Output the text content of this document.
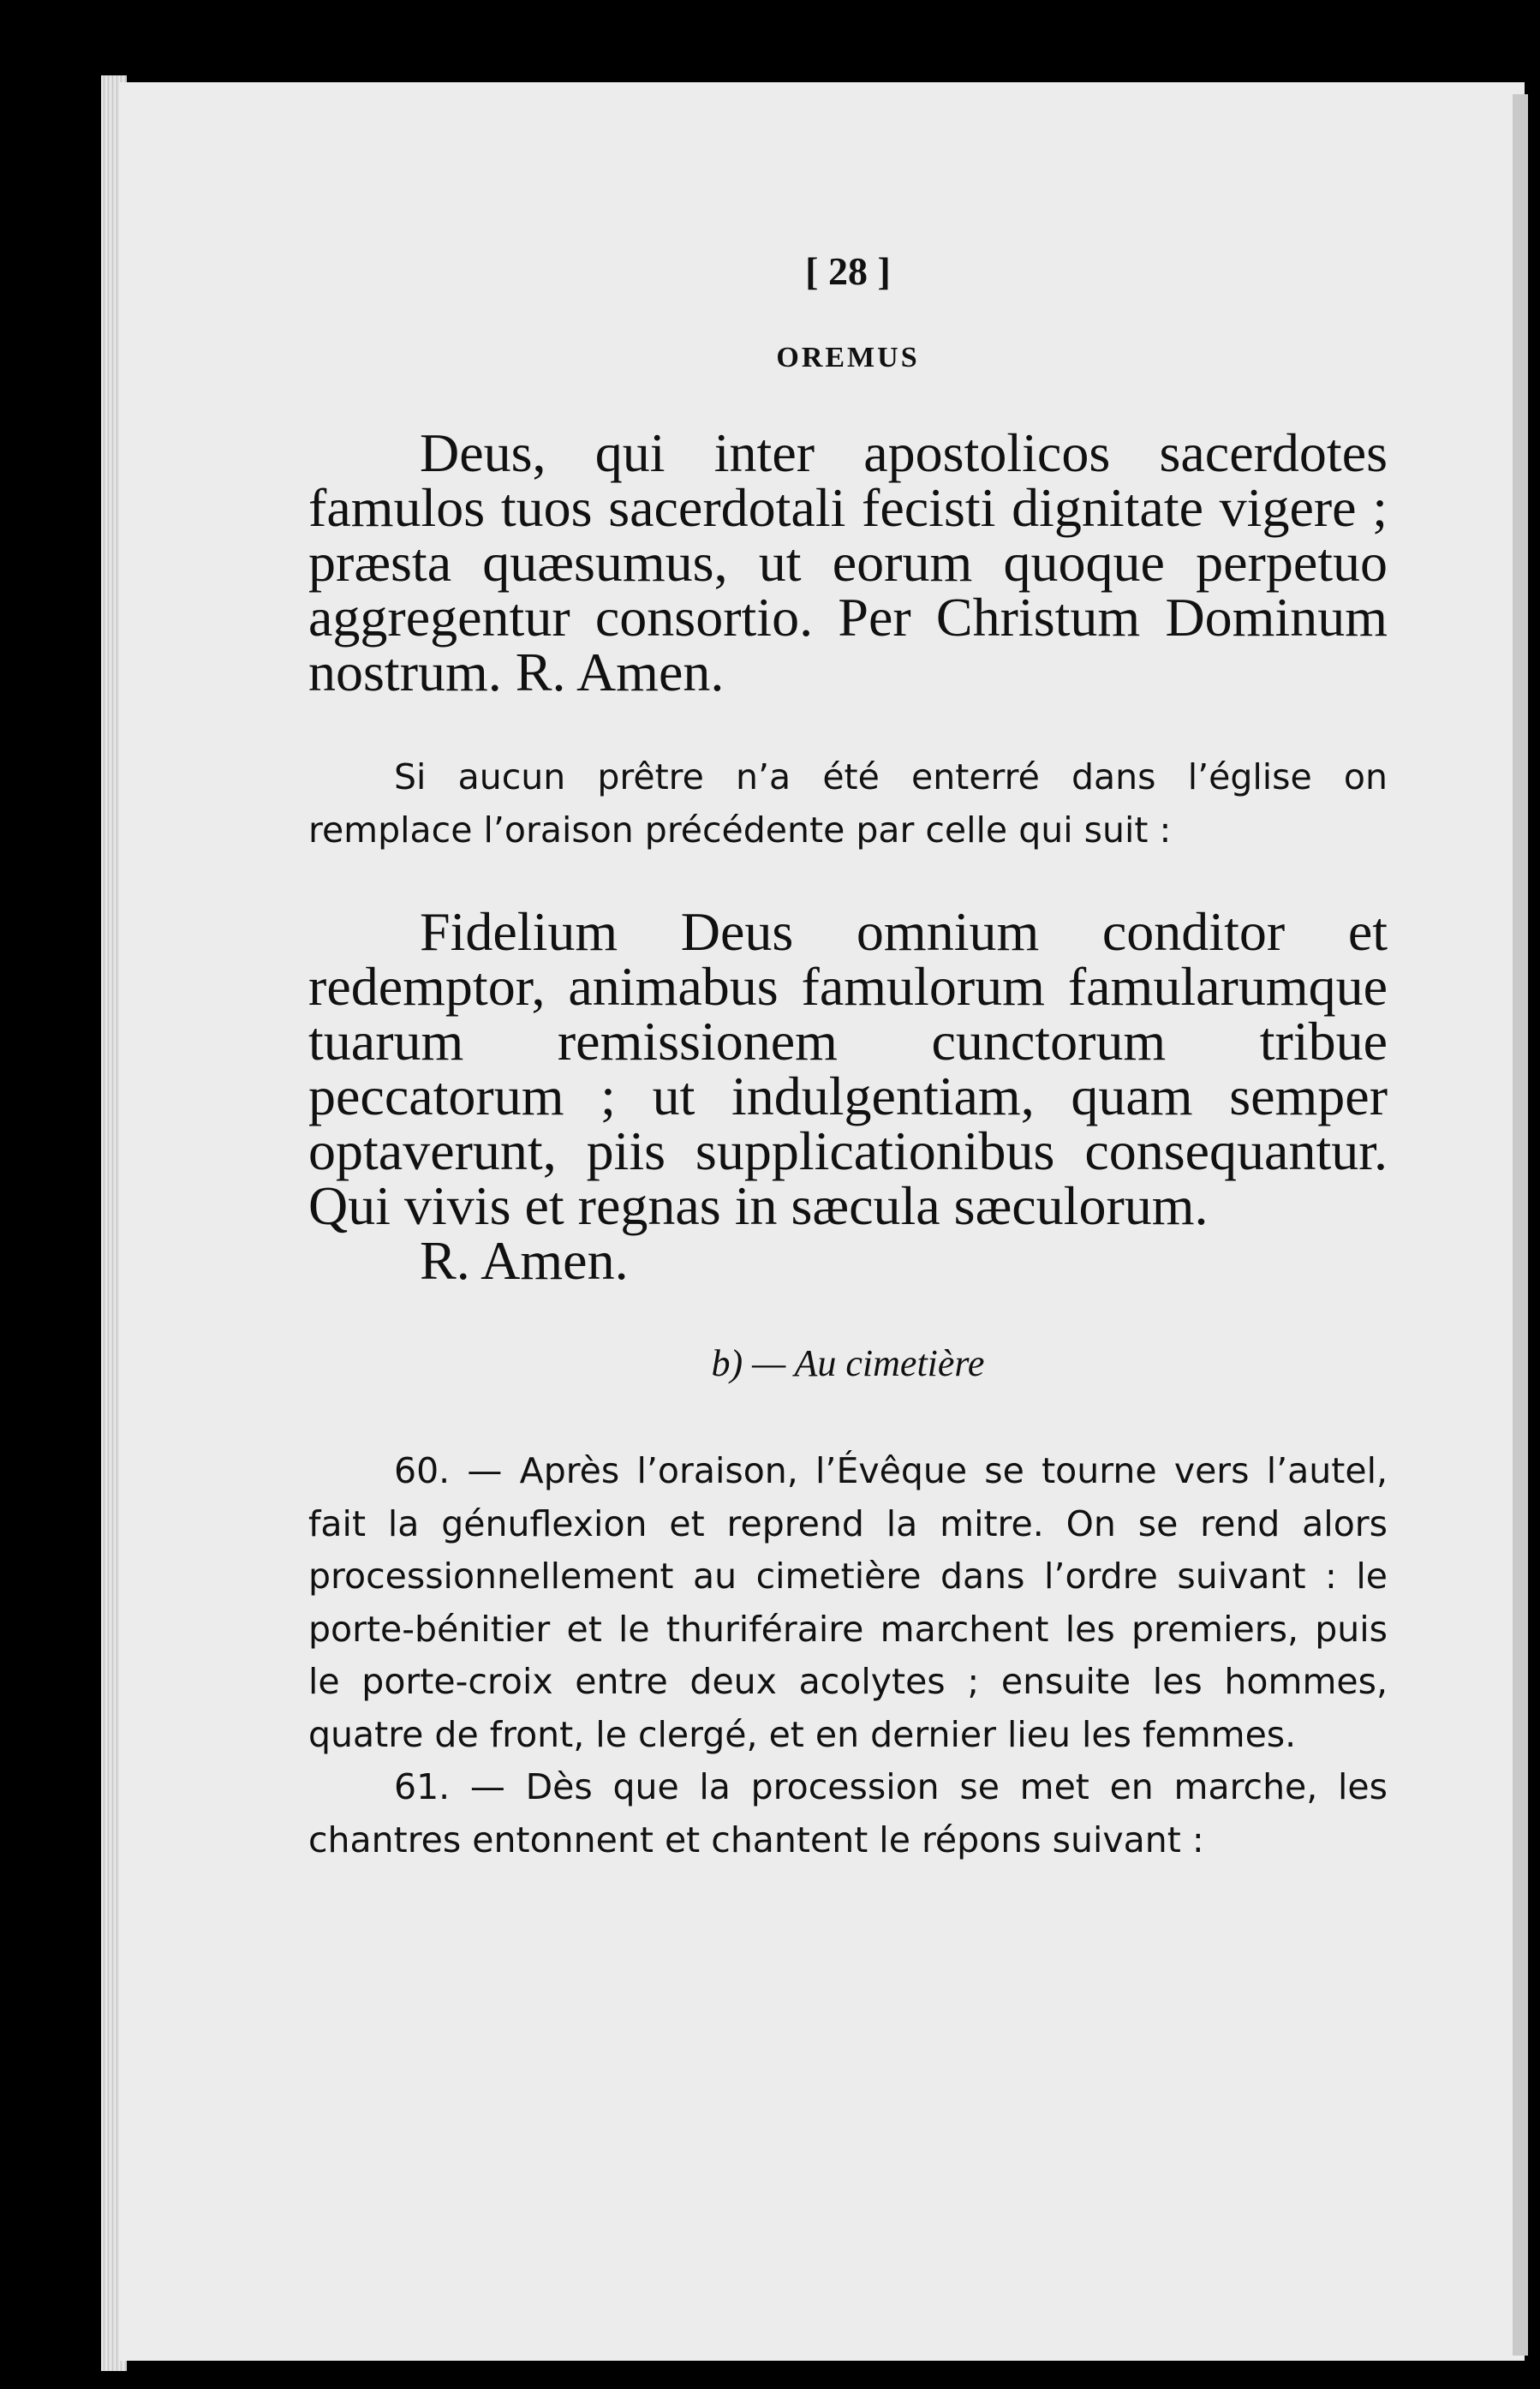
[ 28 ]
OREMUS

Deus, qui inter apostolicos sacerdotes famulos tuos sacerdotali fecisti dignitate vigere ; præsta quæsumus, ut eorum quoque perpetuo aggregentur consortio. Per Christum Dominum nostrum. R. Amen.

Si aucun prêtre n’a été enterré dans l’église on remplace l’oraison précédente par celle qui suit :

Fidelium Deus omnium conditor et redemptor, animabus famulorum famularumque tuarum remissionem cunctorum tribue peccatorum ; ut indulgentiam, quam semper optaverunt, piis supplicationibus consequantur. Qui vivis et regnas in sæcula sæculorum.

R. Amen.

b) — Au cimetière

60. — Après l’oraison, l’Évêque se tourne vers l’autel, fait la génuflexion et reprend la mitre. On se rend alors processionnellement au cimetière dans l’ordre suivant : le porte-bénitier et le thuriféraire marchent les premiers, puis le porte-croix entre deux acolytes ; ensuite les hommes, quatre de front, le clergé, et en dernier lieu les femmes.

61. — Dès que la procession se met en marche, les chantres entonnent et chantent le répons suivant :
